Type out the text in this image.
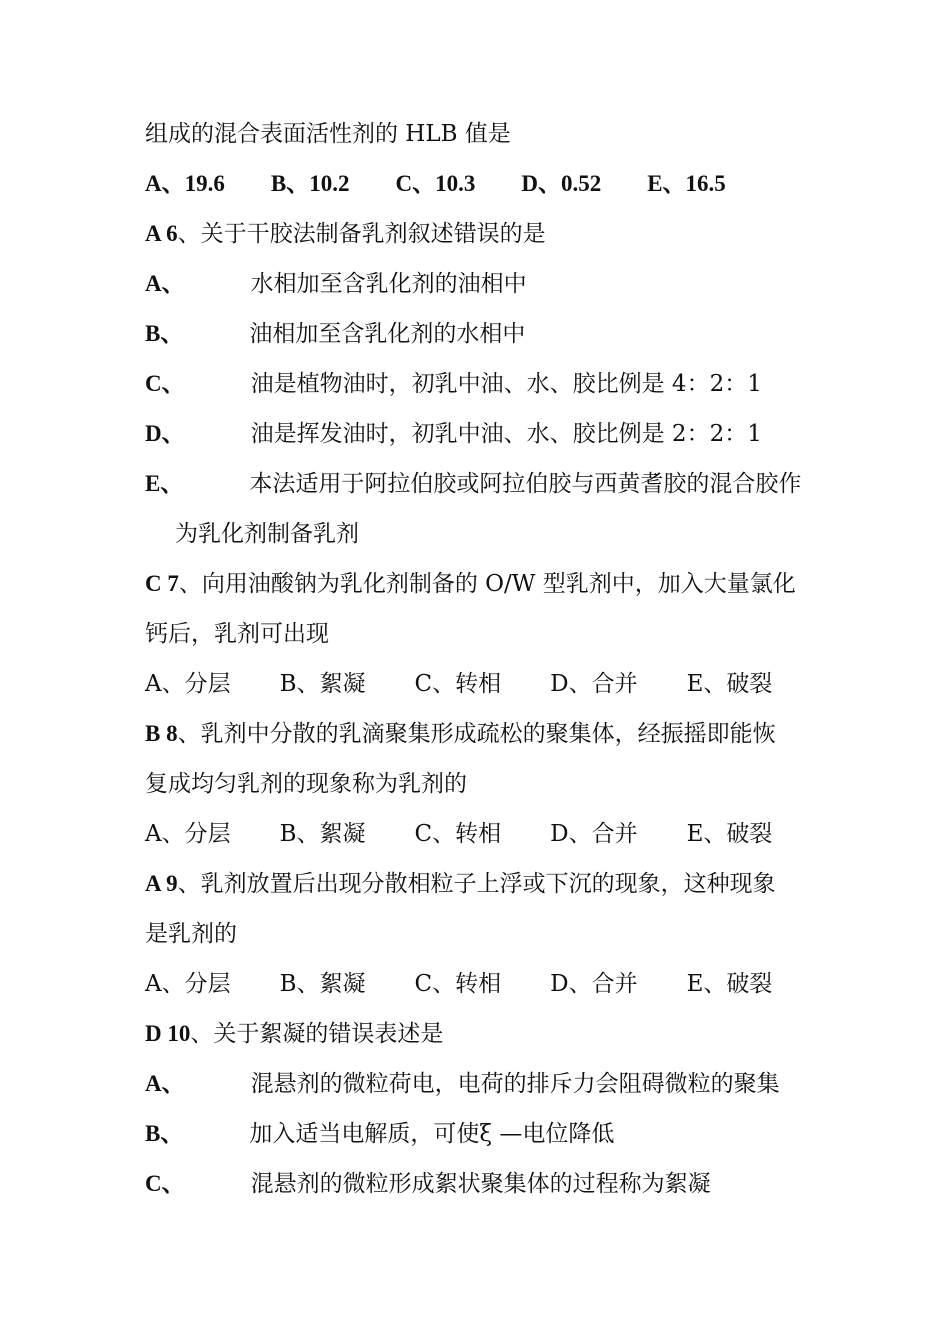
组成的混合表面活性剂的 HLB 值是
A、19.6 B、10.2 C、10.3 D、0.52 E、16.5
A 6、关于干胶法制备乳剂叙述错误的是
A、	水相加至含乳化剂的油相中
B、	油相加至含乳化剂的水相中
C、	油是植物油时，初乳中油、水、胶比例是 4：2：1
D、	油是挥发油时，初乳中油、水、胶比例是 2：2：1
E、	本法适用于阿拉伯胶或阿拉伯胶与西黄耆胶的混合胶作
为乳化剂制备乳剂
C 7、向用油酸钠为乳化剂制备的 O/W 型乳剂中，加入大量氯化
钙后，乳剂可出现
A、分层 B、絮凝 C、转相 D、合并 E、破裂
B 8、乳剂中分散的乳滴聚集形成疏松的聚集体，经振摇即能恢
复成均匀乳剂的现象称为乳剂的
A、分层 B、絮凝 C、转相 D、合并 E、破裂
A 9、乳剂放置后出现分散相粒子上浮或下沉的现象，这种现象
是乳剂的
A、分层 B、絮凝 C、转相 D、合并 E、破裂
D 10、关于絮凝的错误表述是
A、	混悬剂的微粒荷电，电荷的排斥力会阻碍微粒的聚集
B、	加入适当电解质，可使ξ —电位降低
C、	混悬剂的微粒形成絮状聚集体的过程称为絮凝
